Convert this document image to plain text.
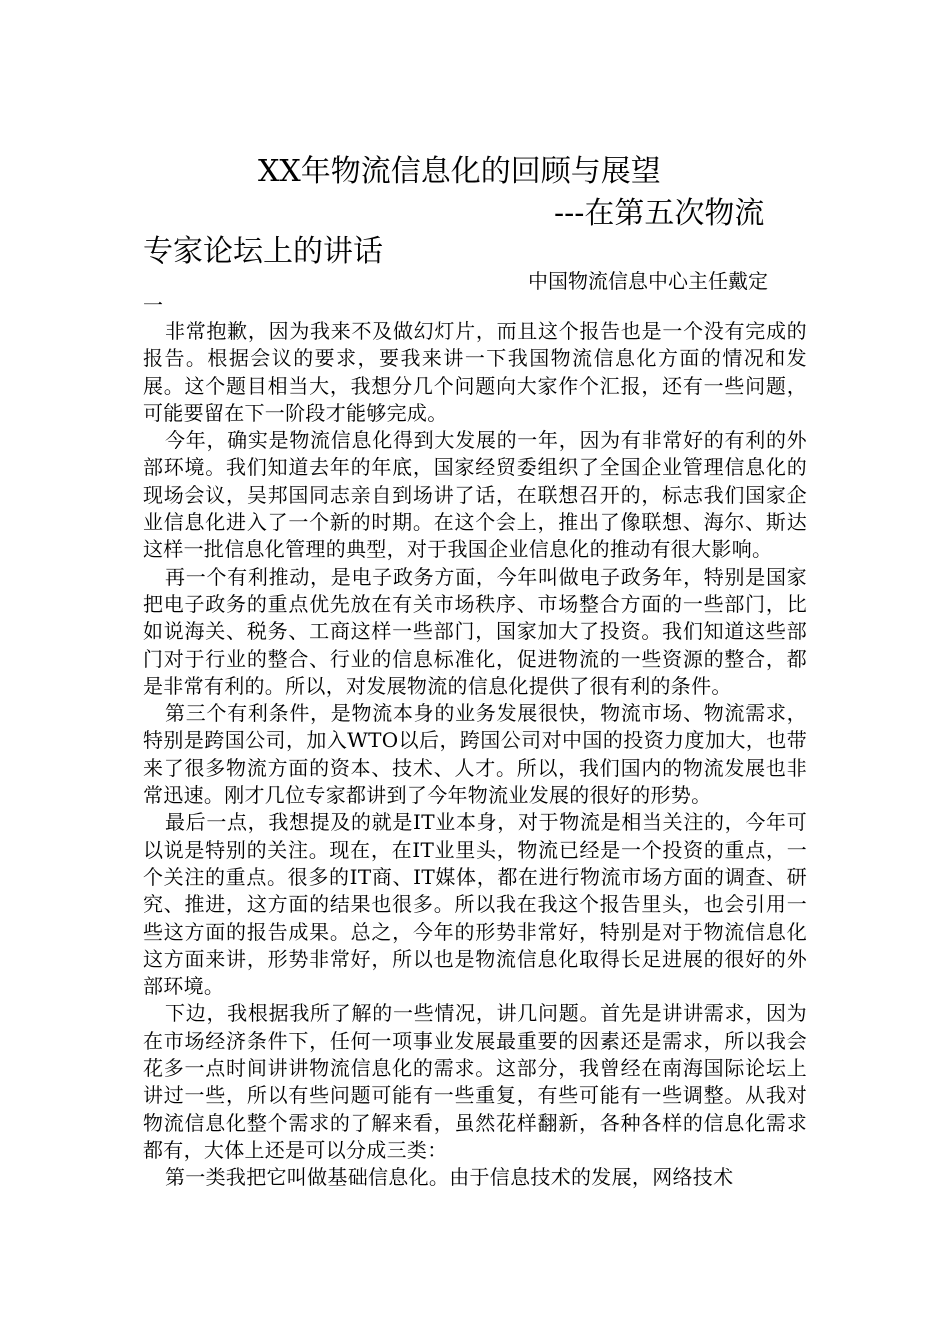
XX年物流信息化的回顾与展望
---在第五次物流
专家论坛上的讲话
中国物流信息中心主任戴定
一

非常抱歉，因为我来不及做幻灯片，而且这个报告也是一个没有完成的报告。根据会议的要求，要我来讲一下我国物流信息化方面的情况和发展。这个题目相当大，我想分几个问题向大家作个汇报，还有一些问题，可能要留在下一阶段才能够完成。

今年，确实是物流信息化得到大发展的一年，因为有非常好的有利的外部环境。我们知道去年的年底，国家经贸委组织了全国企业管理信息化的现场会议，吴邦国同志亲自到场讲了话，在联想召开的，标志我们国家企业信息化进入了一个新的时期。在这个会上，推出了像联想、海尔、斯达这样一批信息化管理的典型，对于我国企业信息化的推动有很大影响。

再一个有利推动，是电子政务方面，今年叫做电子政务年，特别是国家把电子政务的重点优先放在有关市场秩序、市场整合方面的一些部门，比如说海关、税务、工商这样一些部门，国家加大了投资。我们知道这些部门对于行业的整合、行业的信息标准化，促进物流的一些资源的整合，都是非常有利的。所以，对发展物流的信息化提供了很有利的条件。

第三个有利条件，是物流本身的业务发展很快，物流市场、物流需求，特别是跨国公司，加入WTO以后，跨国公司对中国的投资力度加大，也带来了很多物流方面的资本、技术、人才。所以，我们国内的物流发展也非常迅速。刚才几位专家都讲到了今年物流业发展的很好的形势。

最后一点，我想提及的就是IT业本身，对于物流是相当关注的，今年可以说是特别的关注。现在，在IT业里头，物流已经是一个投资的重点，一个关注的重点。很多的IT商、IT媒体，都在进行物流市场方面的调查、研究、推进，这方面的结果也很多。所以我在我这个报告里头，也会引用一些这方面的报告成果。总之，今年的形势非常好，特别是对于物流信息化这方面来讲，形势非常好，所以也是物流信息化取得长足进展的很好的外部环境。

下边，我根据我所了解的一些情况，讲几问题。首先是讲讲需求，因为在市场经济条件下，任何一项事业发展最重要的因素还是需求，所以我会花多一点时间讲讲物流信息化的需求。这部分，我曾经在南海国际论坛上讲过一些，所以有些问题可能有一些重复，有些可能有一些调整。从我对物流信息化整个需求的了解来看，虽然花样翻新，各种各样的信息化需求都有，大体上还是可以分成三类：

第一类我把它叫做基础信息化。由于信息技术的发展，网络技术
